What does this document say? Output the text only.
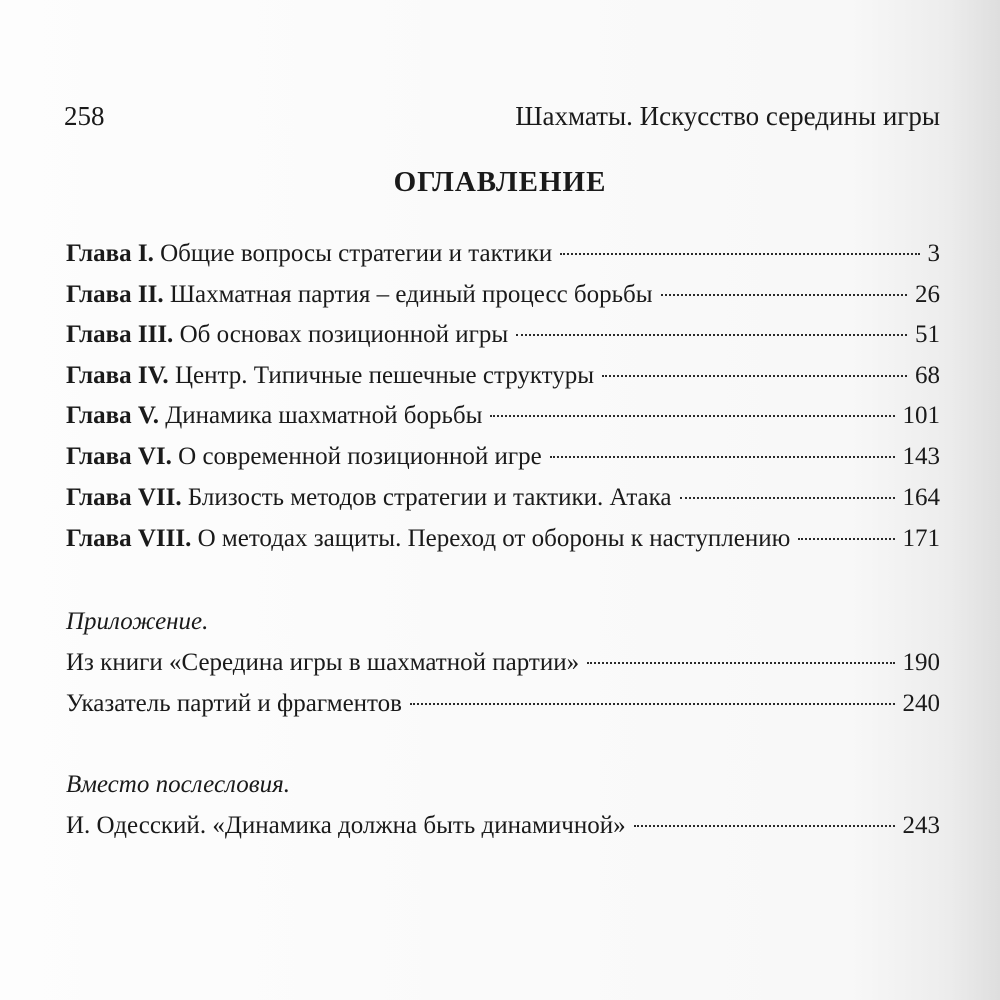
258	Шахматы. Искусство середины игры
ОГЛАВЛЕНИЕ
Глава I. Общие вопросы стратегии и тактики	3
Глава II. Шахматная партия – единый процесс борьбы	26
Глава III. Об основах позиционной игры	51
Глава IV. Центр. Типичные пешечные структуры	68
Глава V. Динамика шахматной борьбы	101
Глава VI. О современной позиционной игре	143
Глава VII. Близость методов стратегии и тактики. Атака	164
Глава VIII. О методах защиты. Переход от обороны к наступлению	171
Приложение.
Из книги «Середина игры в шахматной партии»	190
Указатель партий и фрагментов	240
Вместо послесловия.
И. Одесский. «Динамика должна быть динамичной»	243
